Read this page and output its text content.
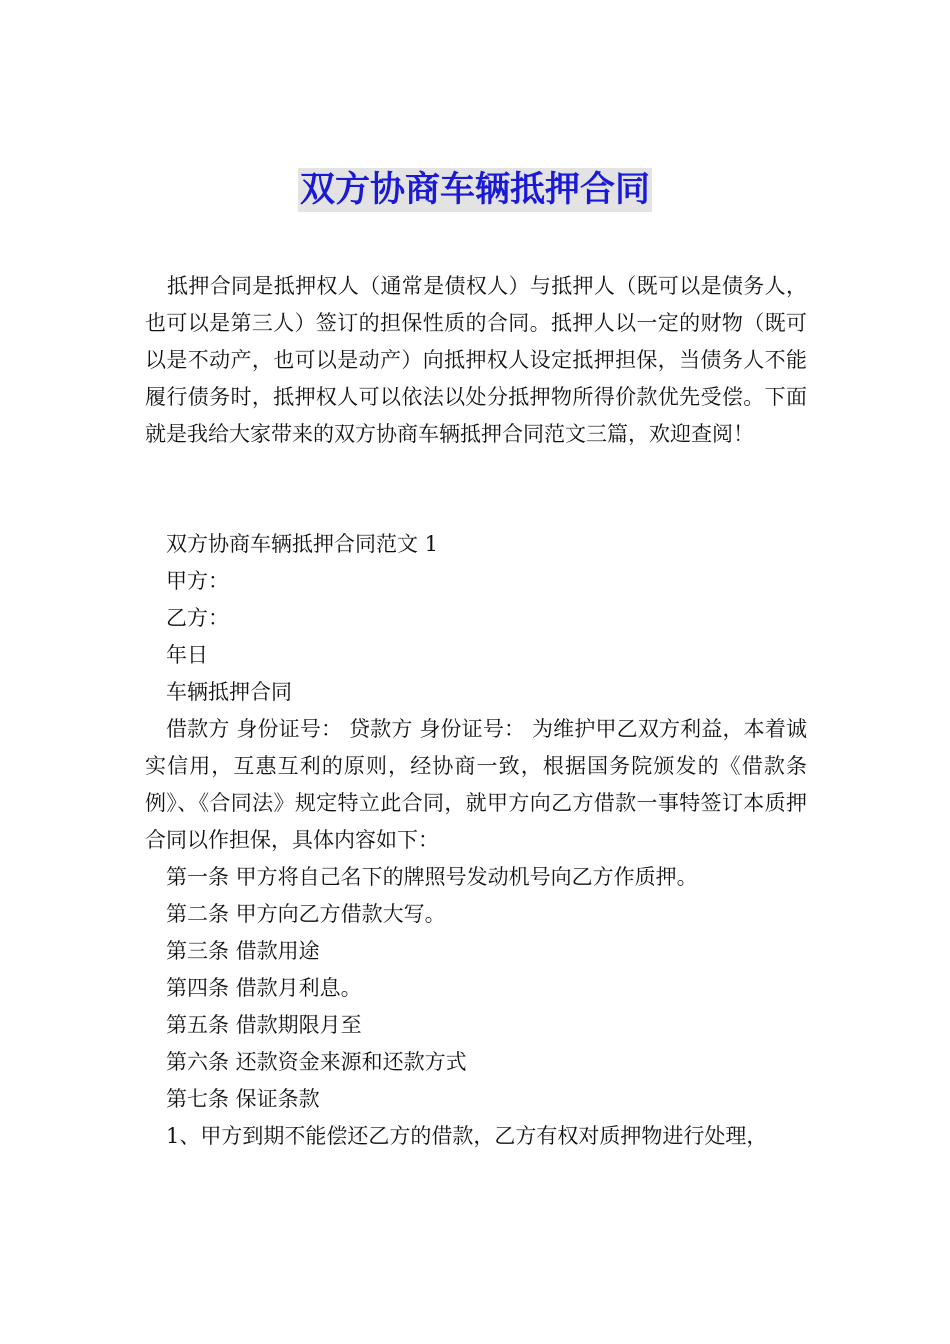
双方协商车辆抵押合同

抵押合同是抵押权人（通常是债权人）与抵押人（既可以是债务人，也可以是第三人）签订的担保性质的合同。抵押人以一定的财物（既可以是不动产，也可以是动产）向抵押权人设定抵押担保，当债务人不能履行债务时，抵押权人可以依法以处分抵押物所得价款优先受偿。下面就是我给大家带来的双方协商车辆抵押合同范文三篇，欢迎查阅！

双方协商车辆抵押合同范文 1

甲方：

乙方：

年日

车辆抵押合同

借款方 身份证号： 贷款方 身份证号： 为维护甲乙双方利益，本着诚实信用，互惠互利的原则，经协商一致，根据国务院颁发的《借款条例》、《合同法》规定特立此合同，就甲方向乙方借款一事特签订本质押合同以作担保，具体内容如下：

第一条 甲方将自己名下的牌照号发动机号向乙方作质押。

第二条 甲方向乙方借款大写。

第三条 借款用途

第四条 借款月利息。

第五条 借款期限月至

第六条 还款资金来源和还款方式

第七条 保证条款

1、甲方到期不能偿还乙方的借款，乙方有权对质押物进行处理，
